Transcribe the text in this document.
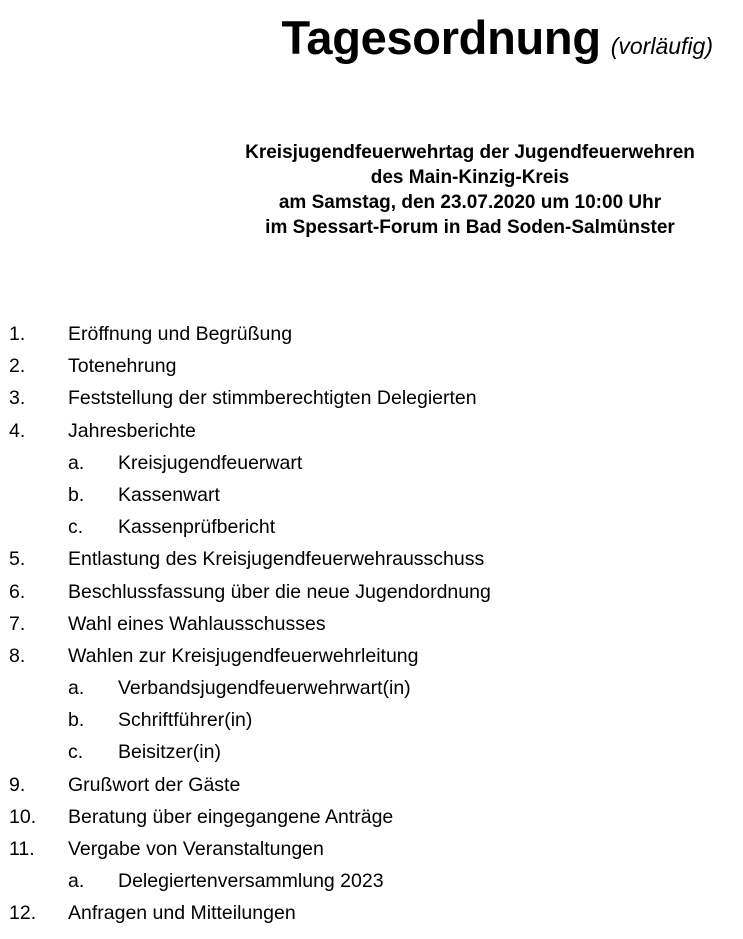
Tagesordnung (vorläufig)
Kreisjugendfeuerwehrtag der Jugendfeuerwehren
des Main-Kinzig-Kreis
am Samstag, den 23.07.2020 um 10:00 Uhr
im Spessart-Forum in Bad Soden-Salmünster
1. Eröffnung und Begrüßung
2. Totenehrung
3. Feststellung der stimmberechtigten Delegierten
4. Jahresberichte
a. Kreisjugendfeuerwart
b. Kassenwart
c. Kassenprüfbericht
5. Entlastung des Kreisjugendfeuerwehrausschuss
6. Beschlussfassung über die neue Jugendordnung
7. Wahl eines Wahlausschusses
8. Wahlen zur Kreisjugendfeuerwehrleitung
a. Verbandsjugendfeuerwehrwart(in)
b. Schriftführer(in)
c. Beisitzer(in)
9. Grußwort der Gäste
10. Beratung über eingegangene Anträge
11. Vergabe von Veranstaltungen
a. Delegiertenversammlung 2023
12. Anfragen und Mitteilungen
